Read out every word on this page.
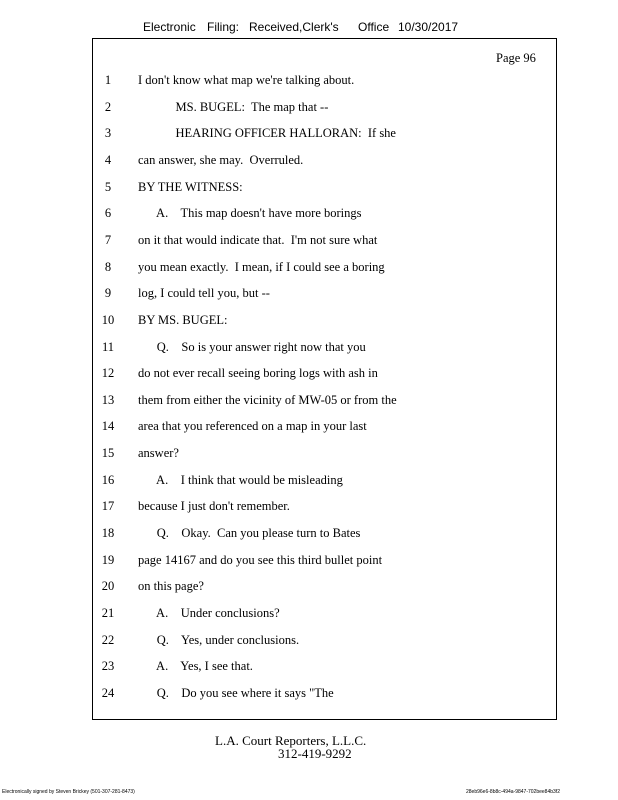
Electronic Filing: Received,Clerk's Office 10/30/2017
Page 96
1	I don't know what map we're talking about.
2	MS. BUGEL:  The map that --
3	HEARING OFFICER HALLORAN:  If she
4	can answer, she may.  Overruled.
5	BY THE WITNESS:
6	A.    This map doesn't have more borings
7	on it that would indicate that.  I'm not sure what
8	you mean exactly.  I mean, if I could see a boring
9	log, I could tell you, but --
10 BY MS. BUGEL:
11 Q.    So is your answer right now that you
12 do not ever recall seeing boring logs with ash in
13 them from either the vicinity of MW-05 or from the
14 area that you referenced on a map in your last
15 answer?
16 A.    I think that would be misleading
17 because I just don't remember.
18 Q.    Okay.  Can you please turn to Bates
19 page 14167 and do you see this third bullet point
20 on this page?
21 A.    Under conclusions?
22 Q.    Yes, under conclusions.
23 A.    Yes, I see that.
24 Q.    Do you see where it says "The
L.A. Court Reporters, L.L.C.
312-419-9292
Electronically signed by Steven Brickey (501-307-281-8473)	28eb96e6-8b8c-494a-9847-702bee84b3f2
